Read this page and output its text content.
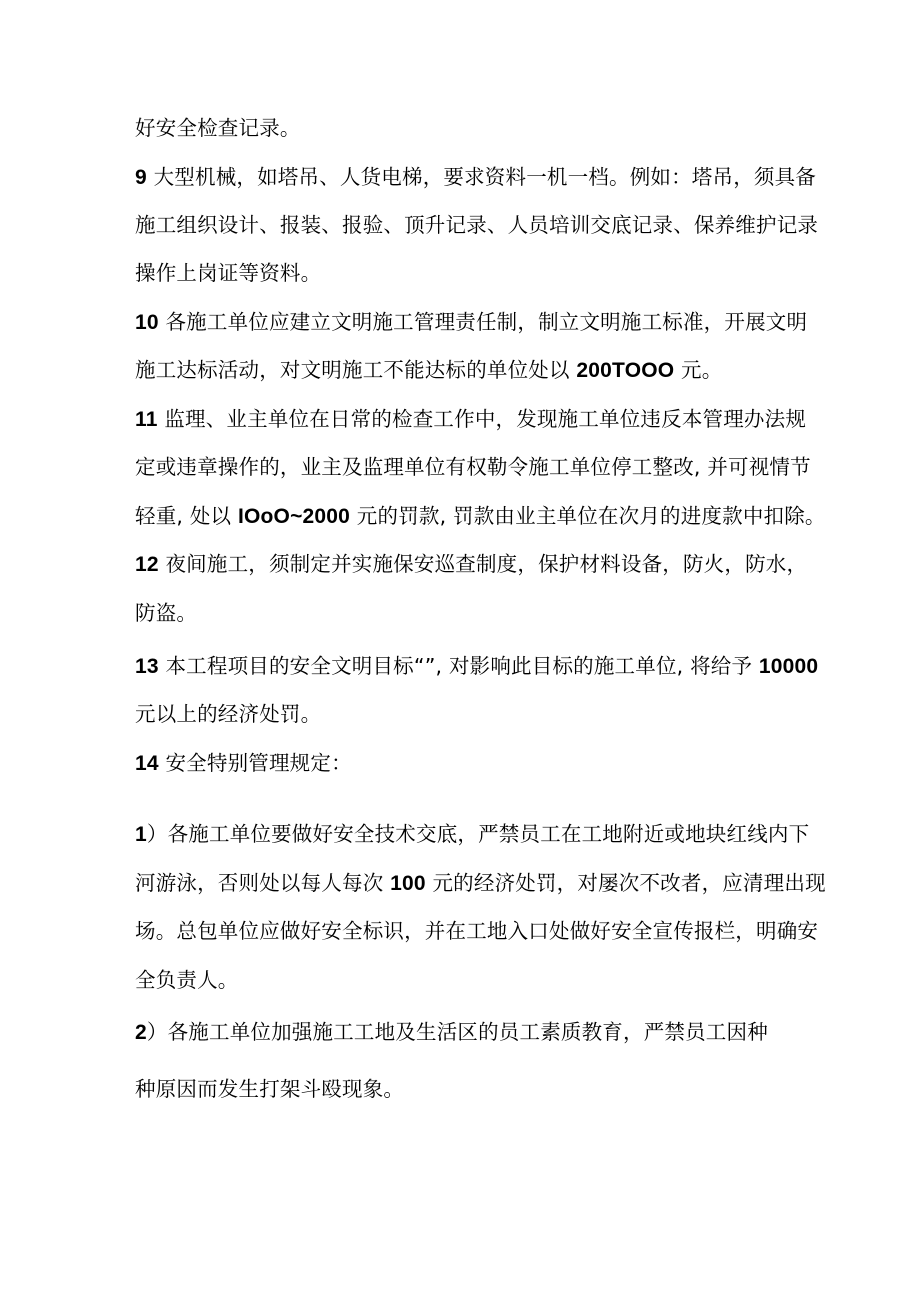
好安全检查记录。
9 大型机械，如塔吊、人货电梯，要求资料一机一档。例如：塔吊，须具备
施工组织设计、报装、报验、顶升记录、人员培训交底记录、保养维护记录
操作上岗证等资料。
10 各施工单位应建立文明施工管理责任制，制立文明施工标准，开展文明
施工达标活动，对文明施工不能达标的单位处以 200TOOO 元。
11 监理、业主单位在日常的检查工作中，发现施工单位违反本管理办法规
定或违章操作的，业主及监理单位有权勒令施工单位停工整改, 并可视情节
轻重, 处以 IOoO~2000 元的罚款, 罚款由业主单位在次月的进度款中扣除。
12 夜间施工，须制定并实施保安巡查制度，保护材料设备，防火，防水，
防盗。
13 本工程项目的安全文明目标“”, 对影响此目标的施工单位, 将给予 10000
元以上的经济处罚。
14 安全特别管理规定：
1）各施工单位要做好安全技术交底，严禁员工在工地附近或地块红线内下
河游泳，否则处以每人每次 100 元的经济处罚，对屡次不改者，应清理出现
场。总包单位应做好安全标识，并在工地入口处做好安全宣传报栏，明确安
全负责人。
2）各施工单位加强施工工地及生活区的员工素质教育，严禁员工因种
种原因而发生打架斗殴现象。
